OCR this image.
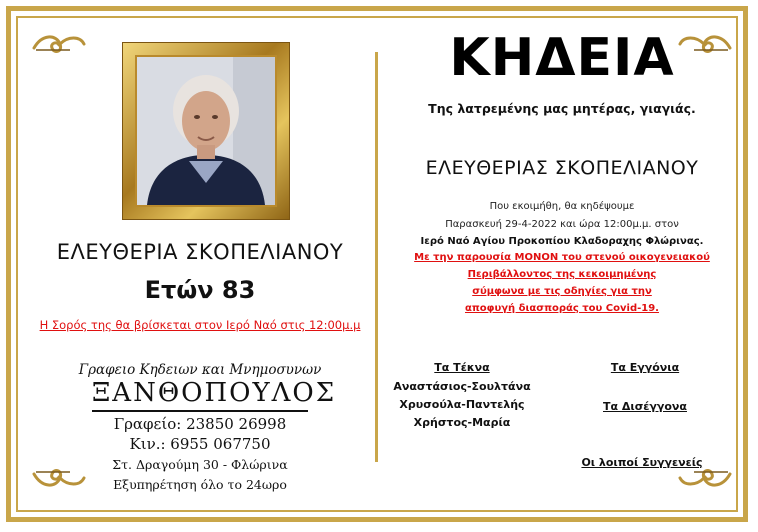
ΕΛΕΥΘΕΡΙΑ ΣΚΟΠΕΛΙΑΝΟΥ
Ετών 83
Η Σορός της θα βρίσκεται στον Ιερό Ναό στις 12:00μ.μ
Γραφειο Κηδειων και Μνημοσυνων
ΞΑΝΘΟΠΟΥΛΟΣ
Γραφείο: 23850 26998
Κιν.: 6955 067750
Στ. Δραγούμη 30 - Φλώρινα
Εξυπηρέτηση όλο το 24ωρο
ΚΗΔΕΙΑ
Της λατρεμένης μας μητέρας, γιαγιάς.
ΕΛΕΥΘΕΡΙΑΣ ΣΚΟΠΕΛΙΑΝΟΥ
Που εκοιμήθη, θα κηδέψουμε
Παρασκευή 29-4-2022 και ώρα 12:00μ.μ. στον
Ιερό Ναό Αγίου Προκοπίου Κλαδοραχης Φλώρινας.
Με την παρουσία ΜΟΝΟΝ του στενού οικογενειακού
Περιβάλλοντος της κεκοιμημένης
σύμφωνα με τις οδηγίες για την
αποφυγή διασποράς του Covid-19.
Τα Τέκνα
Αναστάσιος-Σουλτάνα
Χρυσούλα-Παντελής
Χρήστος-Μαρία
Τα Εγγόνια
Τα Δισέγγονα
Οι λοιποί Συγγενείς
